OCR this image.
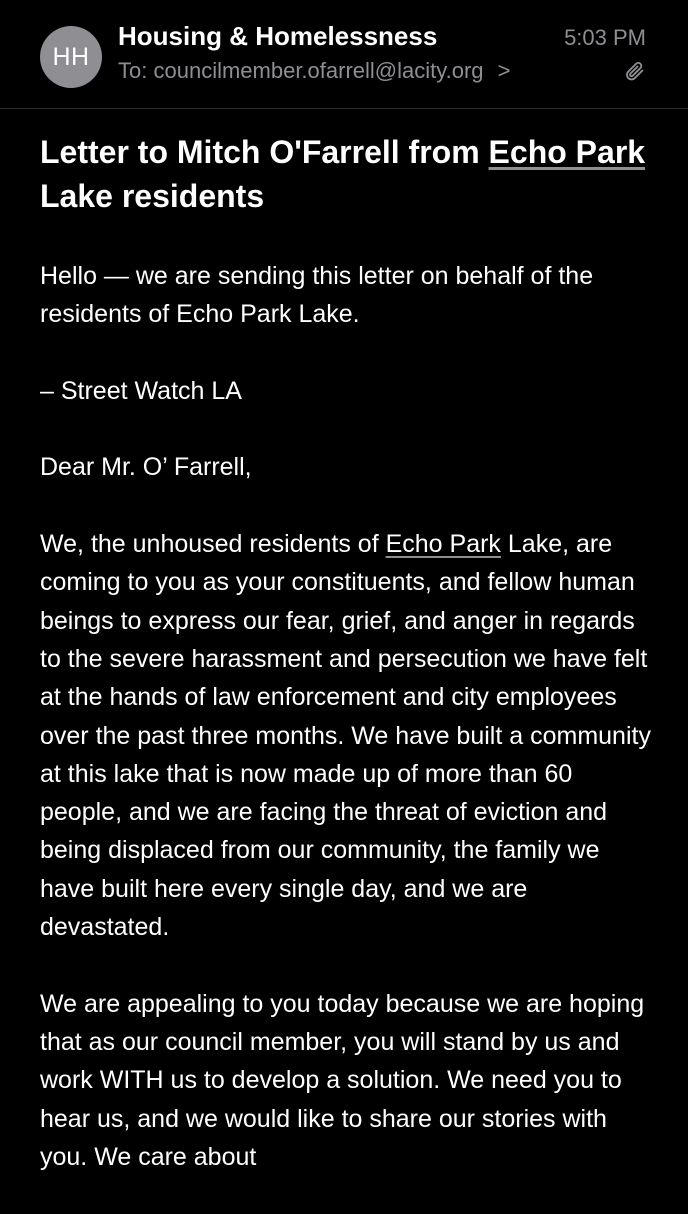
HH
Housing & Homelessness	5:03 PM
To: councilmember.ofarrell@lacity.org >
Letter to Mitch O'Farrell from Echo Park Lake residents

Hello — we are sending this letter on behalf of the residents of Echo Park Lake.

– Street Watch LA

Dear Mr. O’ Farrell,

We, the unhoused residents of Echo Park Lake, are coming to you as your constituents, and fellow human beings to express our fear, grief, and anger in regards to the severe harassment and persecution we have felt at the hands of law enforcement and city employees over the past three months. We have built a community at this lake that is now made up of more than 60 people, and we are facing the threat of eviction and being displaced from our community, the family we have built here every single day, and we are devastated.

We are appealing to you today because we are hoping that as our council member, you will stand by us and work WITH us to develop a solution. We need you to hear us, and we would like to share our stories with you. We care about
